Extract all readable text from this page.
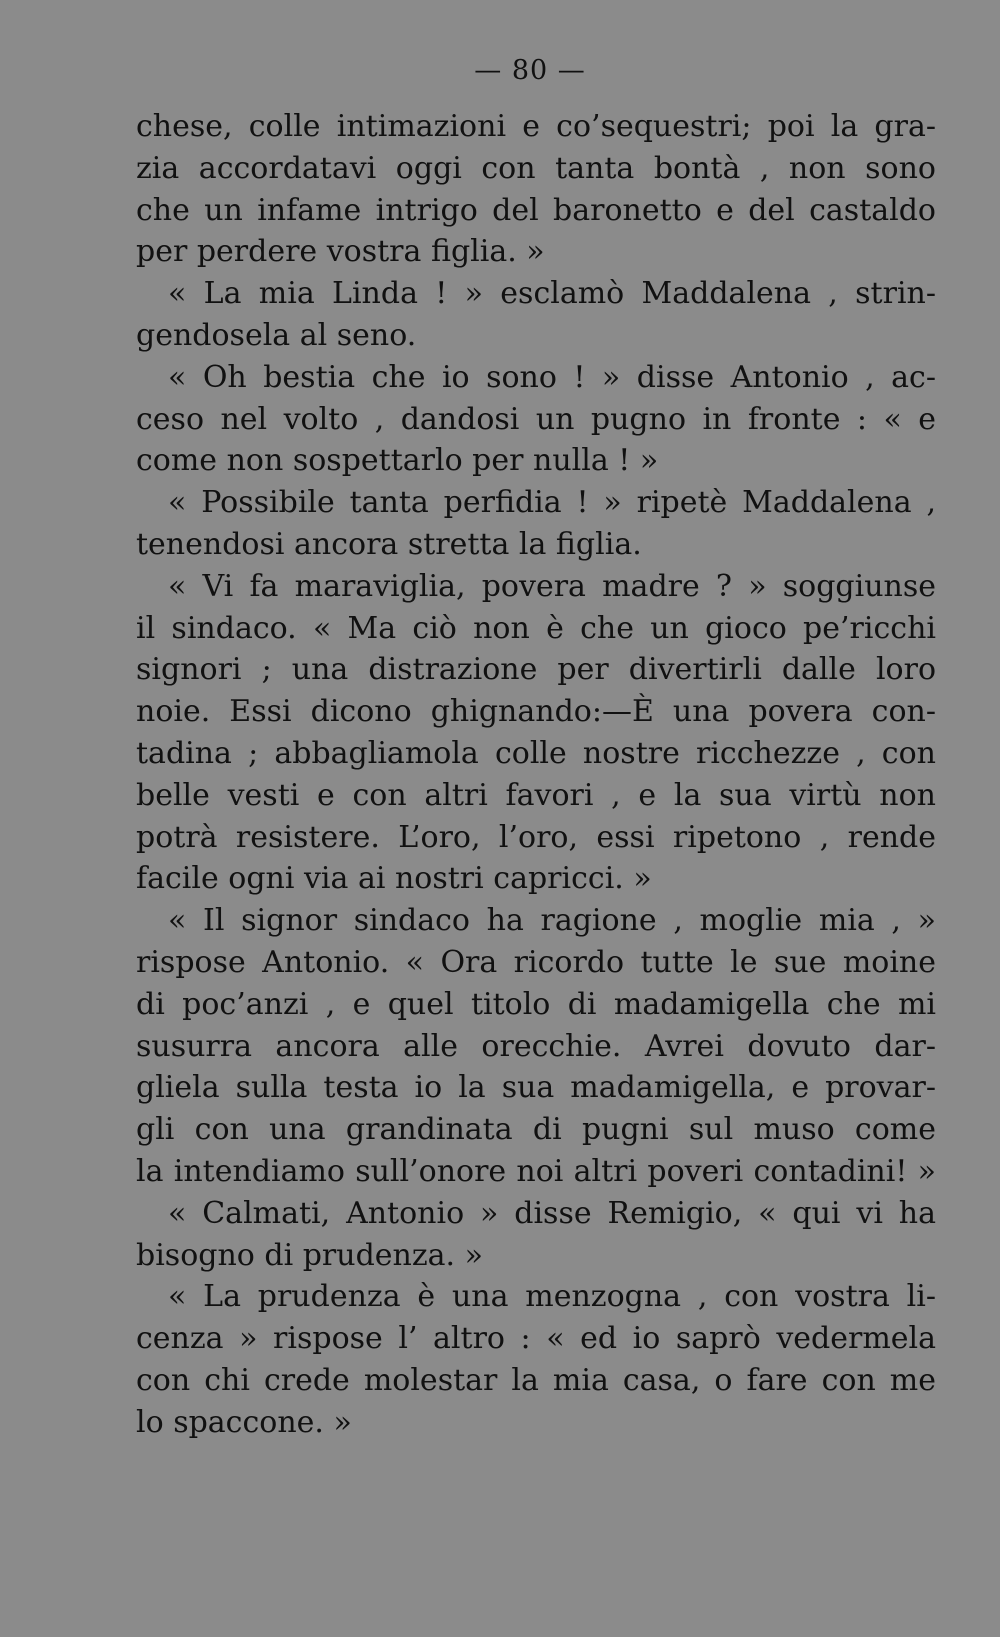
— 80 —
chese, colle intimazioni e co’sequestri; poi la gra-
zia accordatavi oggi con tanta bontà , non sono
che un infame intrigo del baronetto e del castaldo
per perdere vostra figlia. »
« La mia Linda ! » esclamò Maddalena , strin-
gendosela al seno.
« Oh bestia che io sono ! » disse Antonio , ac-
ceso nel volto , dandosi un pugno in fronte : « e
come non sospettarlo per nulla ! »
« Possibile tanta perfidia ! » ripetè Maddalena ,
tenendosi ancora stretta la figlia.
« Vi fa maraviglia, povera madre ? » soggiunse
il sindaco. « Ma ciò non è che un gioco pe’ricchi
signori ; una distrazione per divertirli dalle loro
noie. Essi dicono ghignando:—È una povera con-
tadina ; abbagliamola colle nostre ricchezze , con
belle vesti e con altri favori , e la sua virtù non
potrà resistere. L’oro, l’oro, essi ripetono , rende
facile ogni via ai nostri capricci. »
« Il signor sindaco ha ragione , moglie mia , »
rispose Antonio. « Ora ricordo tutte le sue moine
di poc’anzi , e quel titolo di madamigella che mi
susurra ancora alle orecchie. Avrei dovuto dar-
gliela sulla testa io la sua madamigella, e provar-
gli con una grandinata di pugni sul muso come
la intendiamo sull’onore noi altri poveri contadini! »
« Calmati, Antonio » disse Remigio, « qui vi ha
bisogno di prudenza. »
« La prudenza è una menzogna , con vostra li-
cenza » rispose l’ altro : « ed io saprò vedermela
con chi crede molestar la mia casa, o fare con me
lo spaccone. »
